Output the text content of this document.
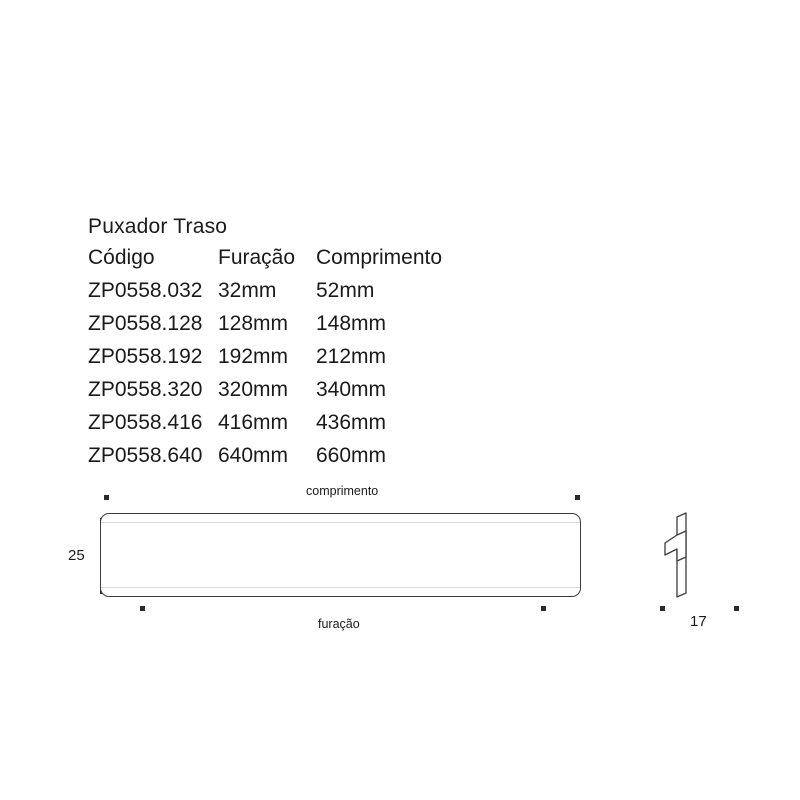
Puxador Traso
Código	Furação	Comprimento
ZP0558.032	32mm	52mm
ZP0558.128	128mm	148mm
ZP0558.192	192mm	212mm
ZP0558.320	320mm	340mm
ZP0558.416	416mm	436mm
ZP0558.640	640mm	660mm
comprimento
furação
25
17
